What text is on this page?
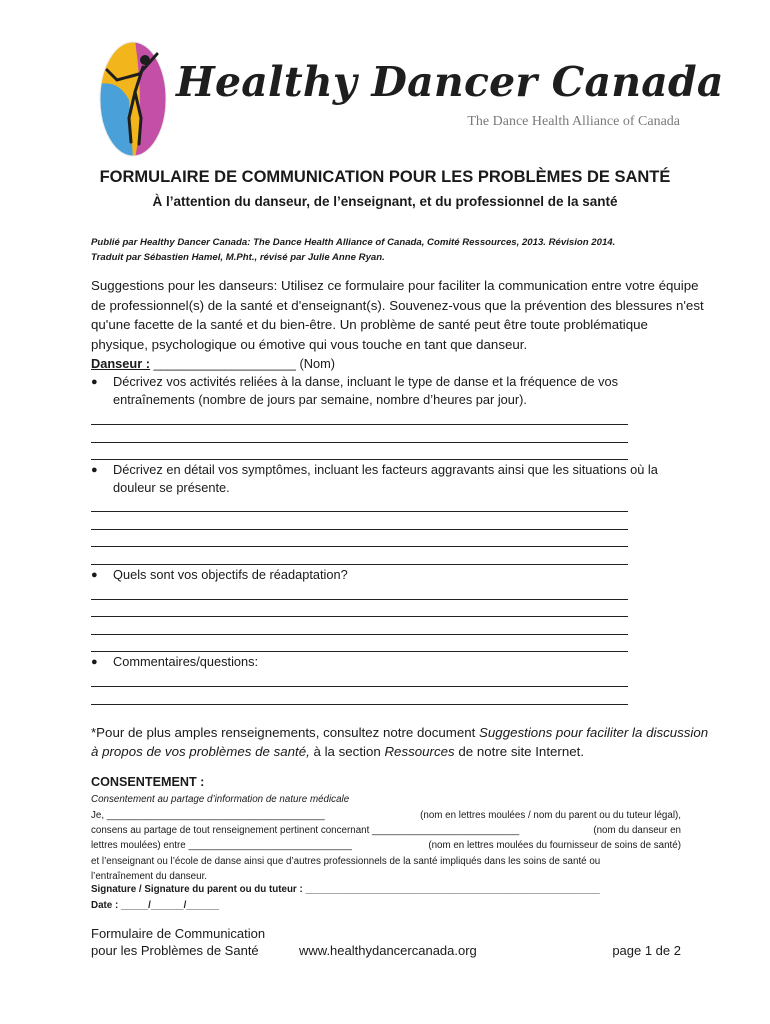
Healthy Dancer Canada
The Dance Health Alliance of Canada
FORMULAIRE DE COMMUNICATION POUR LES PROBLÈMES DE SANTÉ
À l’attention du danseur, de l’enseignant, et du professionnel de la santé
Publié par Healthy Dancer Canada: The Dance Health Alliance of Canada, Comité Ressources, 2013. Révision 2014.
Traduit par Sébastien Hamel, M.Pht., révisé par Julie Anne Ryan.
Suggestions pour les danseurs: Utilisez ce formulaire pour faciliter la communication entre votre équipe
de professionnel(s) de la santé et d'enseignant(s). Souvenez-vous que la prévention des blessures n'est
qu'une facette de la santé et du bien-être. Un problème de santé peut être toute problématique
physique, psychologique ou émotive qui vous touche en tant que danseur.
Danseur : ____________________ (Nom)
● Décrivez vos activités reliées à la danse, incluant le type de danse et la fréquence de vos
entraînements (nombre de jours par semaine, nombre d’heures par jour).
● Décrivez en détail vos symptômes, incluant les facteurs aggravants ainsi que les situations où la
douleur se présente.
● Quels sont vos objectifs de réadaptation?
● Commentaires/questions:
*Pour de plus amples renseignements, consultez notre document Suggestions pour faciliter la discussion
à propos de vos problèmes de santé, à la section Ressources de notre site Internet.
CONSENTEMENT :
Consentement au partage d’information de nature médicale
Je, ________________________________________	(nom en lettres moulées / nom du parent ou du tuteur légal),
consens au partage de tout renseignement pertinent concernant ___________________________	(nom du danseur en
lettres moulées) entre ______________________________	(nom en lettres moulées du fournisseur de soins de santé)
et l’enseignant ou l’école de danse ainsi que d’autres professionnels de la santé impliqués dans les soins de santé ou
l’entraînement du danseur.
Signature / Signature du parent ou du tuteur : ______________________________________________________
Date : _____/______/______
Formulaire de Communication
pour les Problèmes de Santé	www.healthydancercanada.org	page 1 de 2
